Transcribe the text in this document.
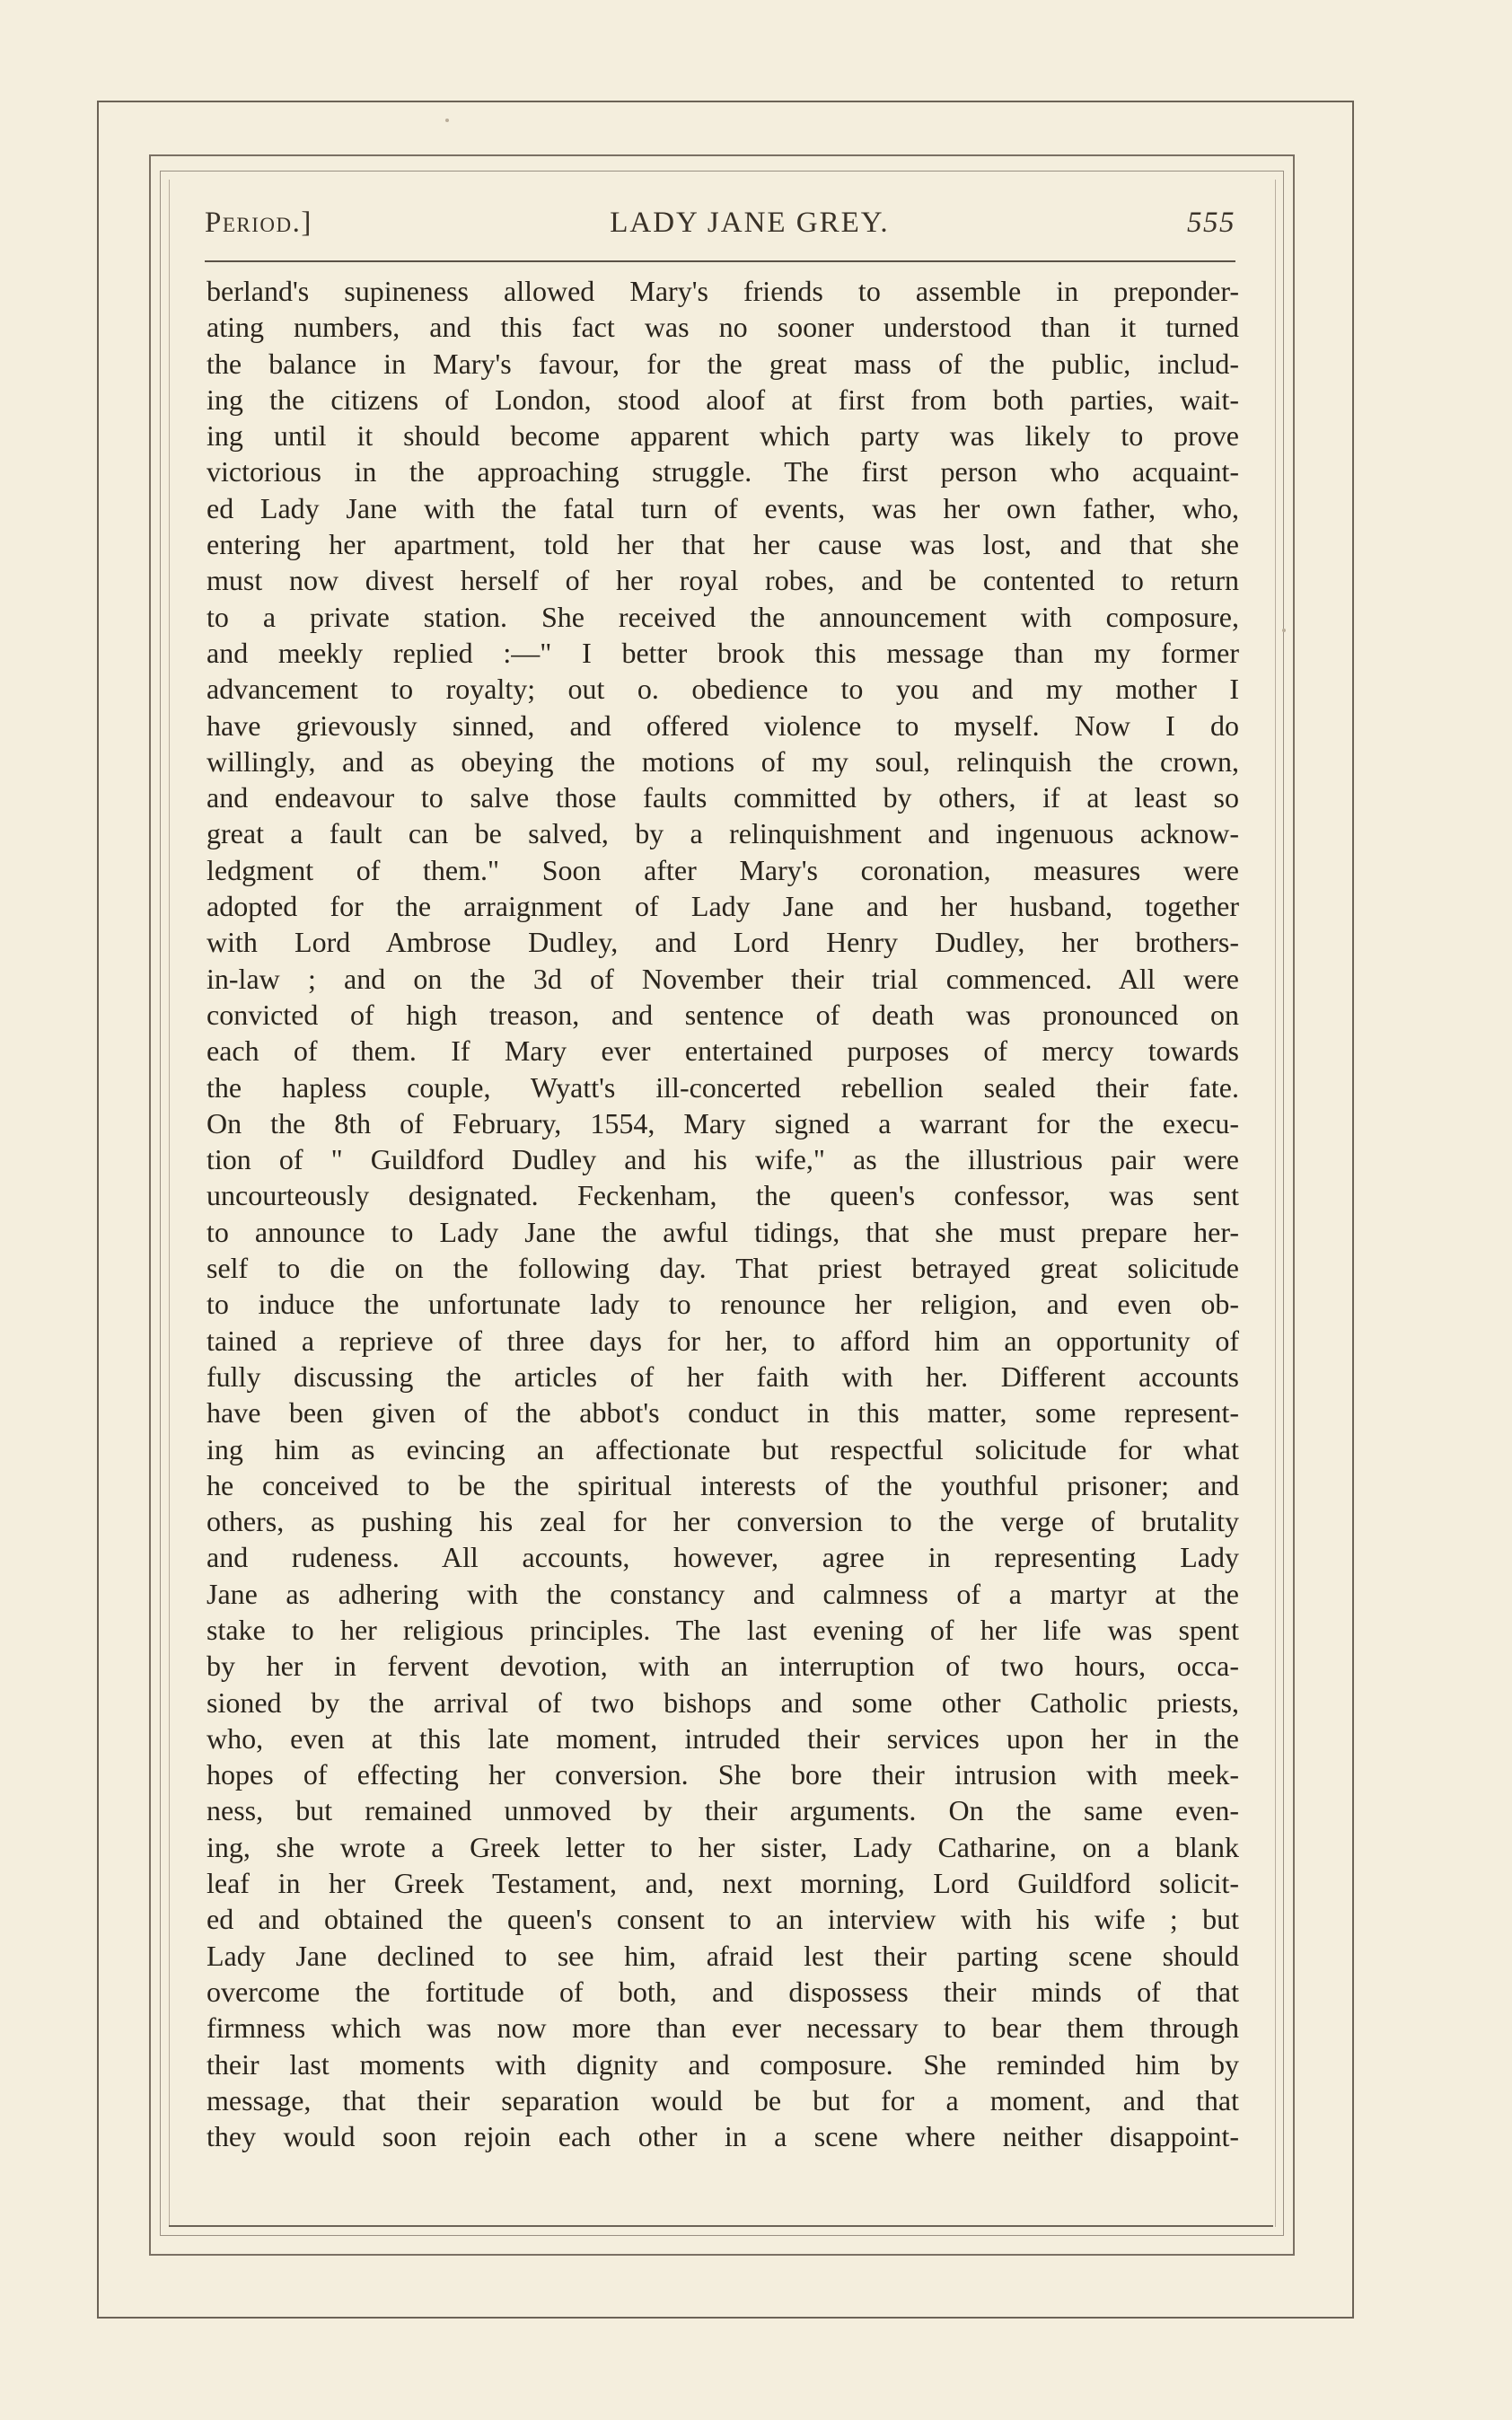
Period.]	LADY JANE GREY.	555
berland's supineness allowed Mary's friends to assemble in preponder-
ating numbers, and this fact was no sooner understood than it turned
the balance in Mary's favour, for the great mass of the public, includ-
ing the citizens of London, stood aloof at first from both parties, wait-
ing until it should become apparent which party was likely to prove
victorious in the approaching struggle. The first person who acquaint-
ed Lady Jane with the fatal turn of events, was her own father, who,
entering her apartment, told her that her cause was lost, and that she
must now divest herself of her royal robes, and be contented to return
to a private station. She received the announcement with composure,
and meekly replied :—" I better brook this message than my former
advancement to royalty; out o. obedience to you and my mother I
have grievously sinned, and offered violence to myself. Now I do
willingly, and as obeying the motions of my soul, relinquish the crown,
and endeavour to salve those faults committed by others, if at least so
great a fault can be salved, by a relinquishment and ingenuous acknow-
ledgment of them." Soon after Mary's coronation, measures were
adopted for the arraignment of Lady Jane and her husband, together
with Lord Ambrose Dudley, and Lord Henry Dudley, her brothers-
in-law ; and on the 3d of November their trial commenced. All were
convicted of high treason, and sentence of death was pronounced on
each of them. If Mary ever entertained purposes of mercy towards
the hapless couple, Wyatt's ill-concerted rebellion sealed their fate.
On the 8th of February, 1554, Mary signed a warrant for the execu-
tion of " Guildford Dudley and his wife," as the illustrious pair were
uncourteously designated. Feckenham, the queen's confessor, was sent
to announce to Lady Jane the awful tidings, that she must prepare her-
self to die on the following day. That priest betrayed great solicitude
to induce the unfortunate lady to renounce her religion, and even ob-
tained a reprieve of three days for her, to afford him an opportunity of
fully discussing the articles of her faith with her. Different accounts
have been given of the abbot's conduct in this matter, some represent-
ing him as evincing an affectionate but respectful solicitude for what
he conceived to be the spiritual interests of the youthful prisoner; and
others, as pushing his zeal for her conversion to the verge of brutality
and rudeness. All accounts, however, agree in representing Lady
Jane as adhering with the constancy and calmness of a martyr at the
stake to her religious principles. The last evening of her life was spent
by her in fervent devotion, with an interruption of two hours, occa-
sioned by the arrival of two bishops and some other Catholic priests,
who, even at this late moment, intruded their services upon her in the
hopes of effecting her conversion. She bore their intrusion with meek-
ness, but remained unmoved by their arguments. On the same even-
ing, she wrote a Greek letter to her sister, Lady Catharine, on a blank
leaf in her Greek Testament, and, next morning, Lord Guildford solicit-
ed and obtained the queen's consent to an interview with his wife ; but
Lady Jane declined to see him, afraid lest their parting scene should
overcome the fortitude of both, and dispossess their minds of that
firmness which was now more than ever necessary to bear them through
their last moments with dignity and composure. She reminded him by
message, that their separation would be but for a moment, and that
they would soon rejoin each other in a scene where neither disappoint-
